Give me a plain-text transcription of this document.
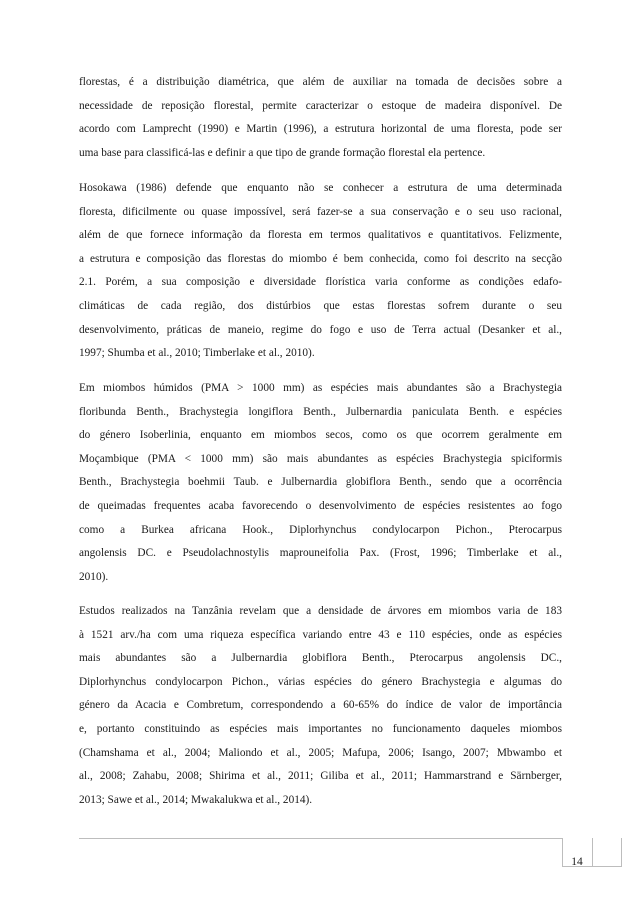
florestas, é a distribuição diamétrica, que além de auxiliar na tomada de decisões sobre a
necessidade de reposição florestal, permite caracterizar o estoque de madeira disponível. De
acordo com Lamprecht (1990) e Martin (1996), a estrutura horizontal de uma floresta, pode ser
uma base para classificá-las e definir a que tipo de grande formação florestal ela pertence.
Hosokawa (1986) defende que enquanto não se conhecer a estrutura de uma determinada
floresta, dificilmente ou quase impossível, será fazer-se a sua conservação e o seu uso racional,
além de que fornece informação da floresta em termos qualitativos e quantitativos. Felizmente,
a estrutura e composição das florestas do miombo é bem conhecida, como foi descrito na secção
2.1. Porém, a sua composição e diversidade florística varia conforme as condições edafo-
climáticas de cada região, dos distúrbios que estas florestas sofrem durante o seu
desenvolvimento, práticas de maneio, regime do fogo e uso de Terra actual (Desanker et al.,
1997; Shumba et al., 2010; Timberlake et al., 2010).
Em miombos húmidos (PMA > 1000 mm) as espécies mais abundantes são a Brachystegia
floribunda Benth., Brachystegia longiflora Benth., Julbernardia paniculata Benth. e espécies
do género Isoberlinia, enquanto em miombos secos, como os que ocorrem geralmente em
Moçambique (PMA < 1000 mm) são mais abundantes as espécies Brachystegia spiciformis
Benth., Brachystegia boehmii Taub. e Julbernardia globiflora Benth., sendo que a ocorrência
de queimadas frequentes acaba favorecendo o desenvolvimento de espécies resistentes ao fogo
como a Burkea africana Hook., Diplorhynchus condylocarpon Pichon., Pterocarpus
angolensis DC. e Pseudolachnostylis maprouneifolia Pax. (Frost, 1996; Timberlake et al.,
2010).
Estudos realizados na Tanzânia revelam que a densidade de árvores em miombos varia de 183
à 1521 arv./ha com uma riqueza específica variando entre 43 e 110 espécies, onde as espécies
mais abundantes são a Julbernardia globiflora Benth., Pterocarpus angolensis DC.,
Diplorhynchus condylocarpon Pichon., várias espécies do género Brachystegia e algumas do
género da Acacia e Combretum, correspondendo a 60-65% do índice de valor de importância
e, portanto constituindo as espécies mais importantes no funcionamento daqueles miombos
(Chamshama et al., 2004; Maliondo et al., 2005; Mafupa, 2006; Isango, 2007; Mbwambo et
al., 2008; Zahabu, 2008; Shirima et al., 2011; Giliba et al., 2011; Hammarstrand e Särnberger,
2013; Sawe et al., 2014; Mwakalukwa et al., 2014).
14
